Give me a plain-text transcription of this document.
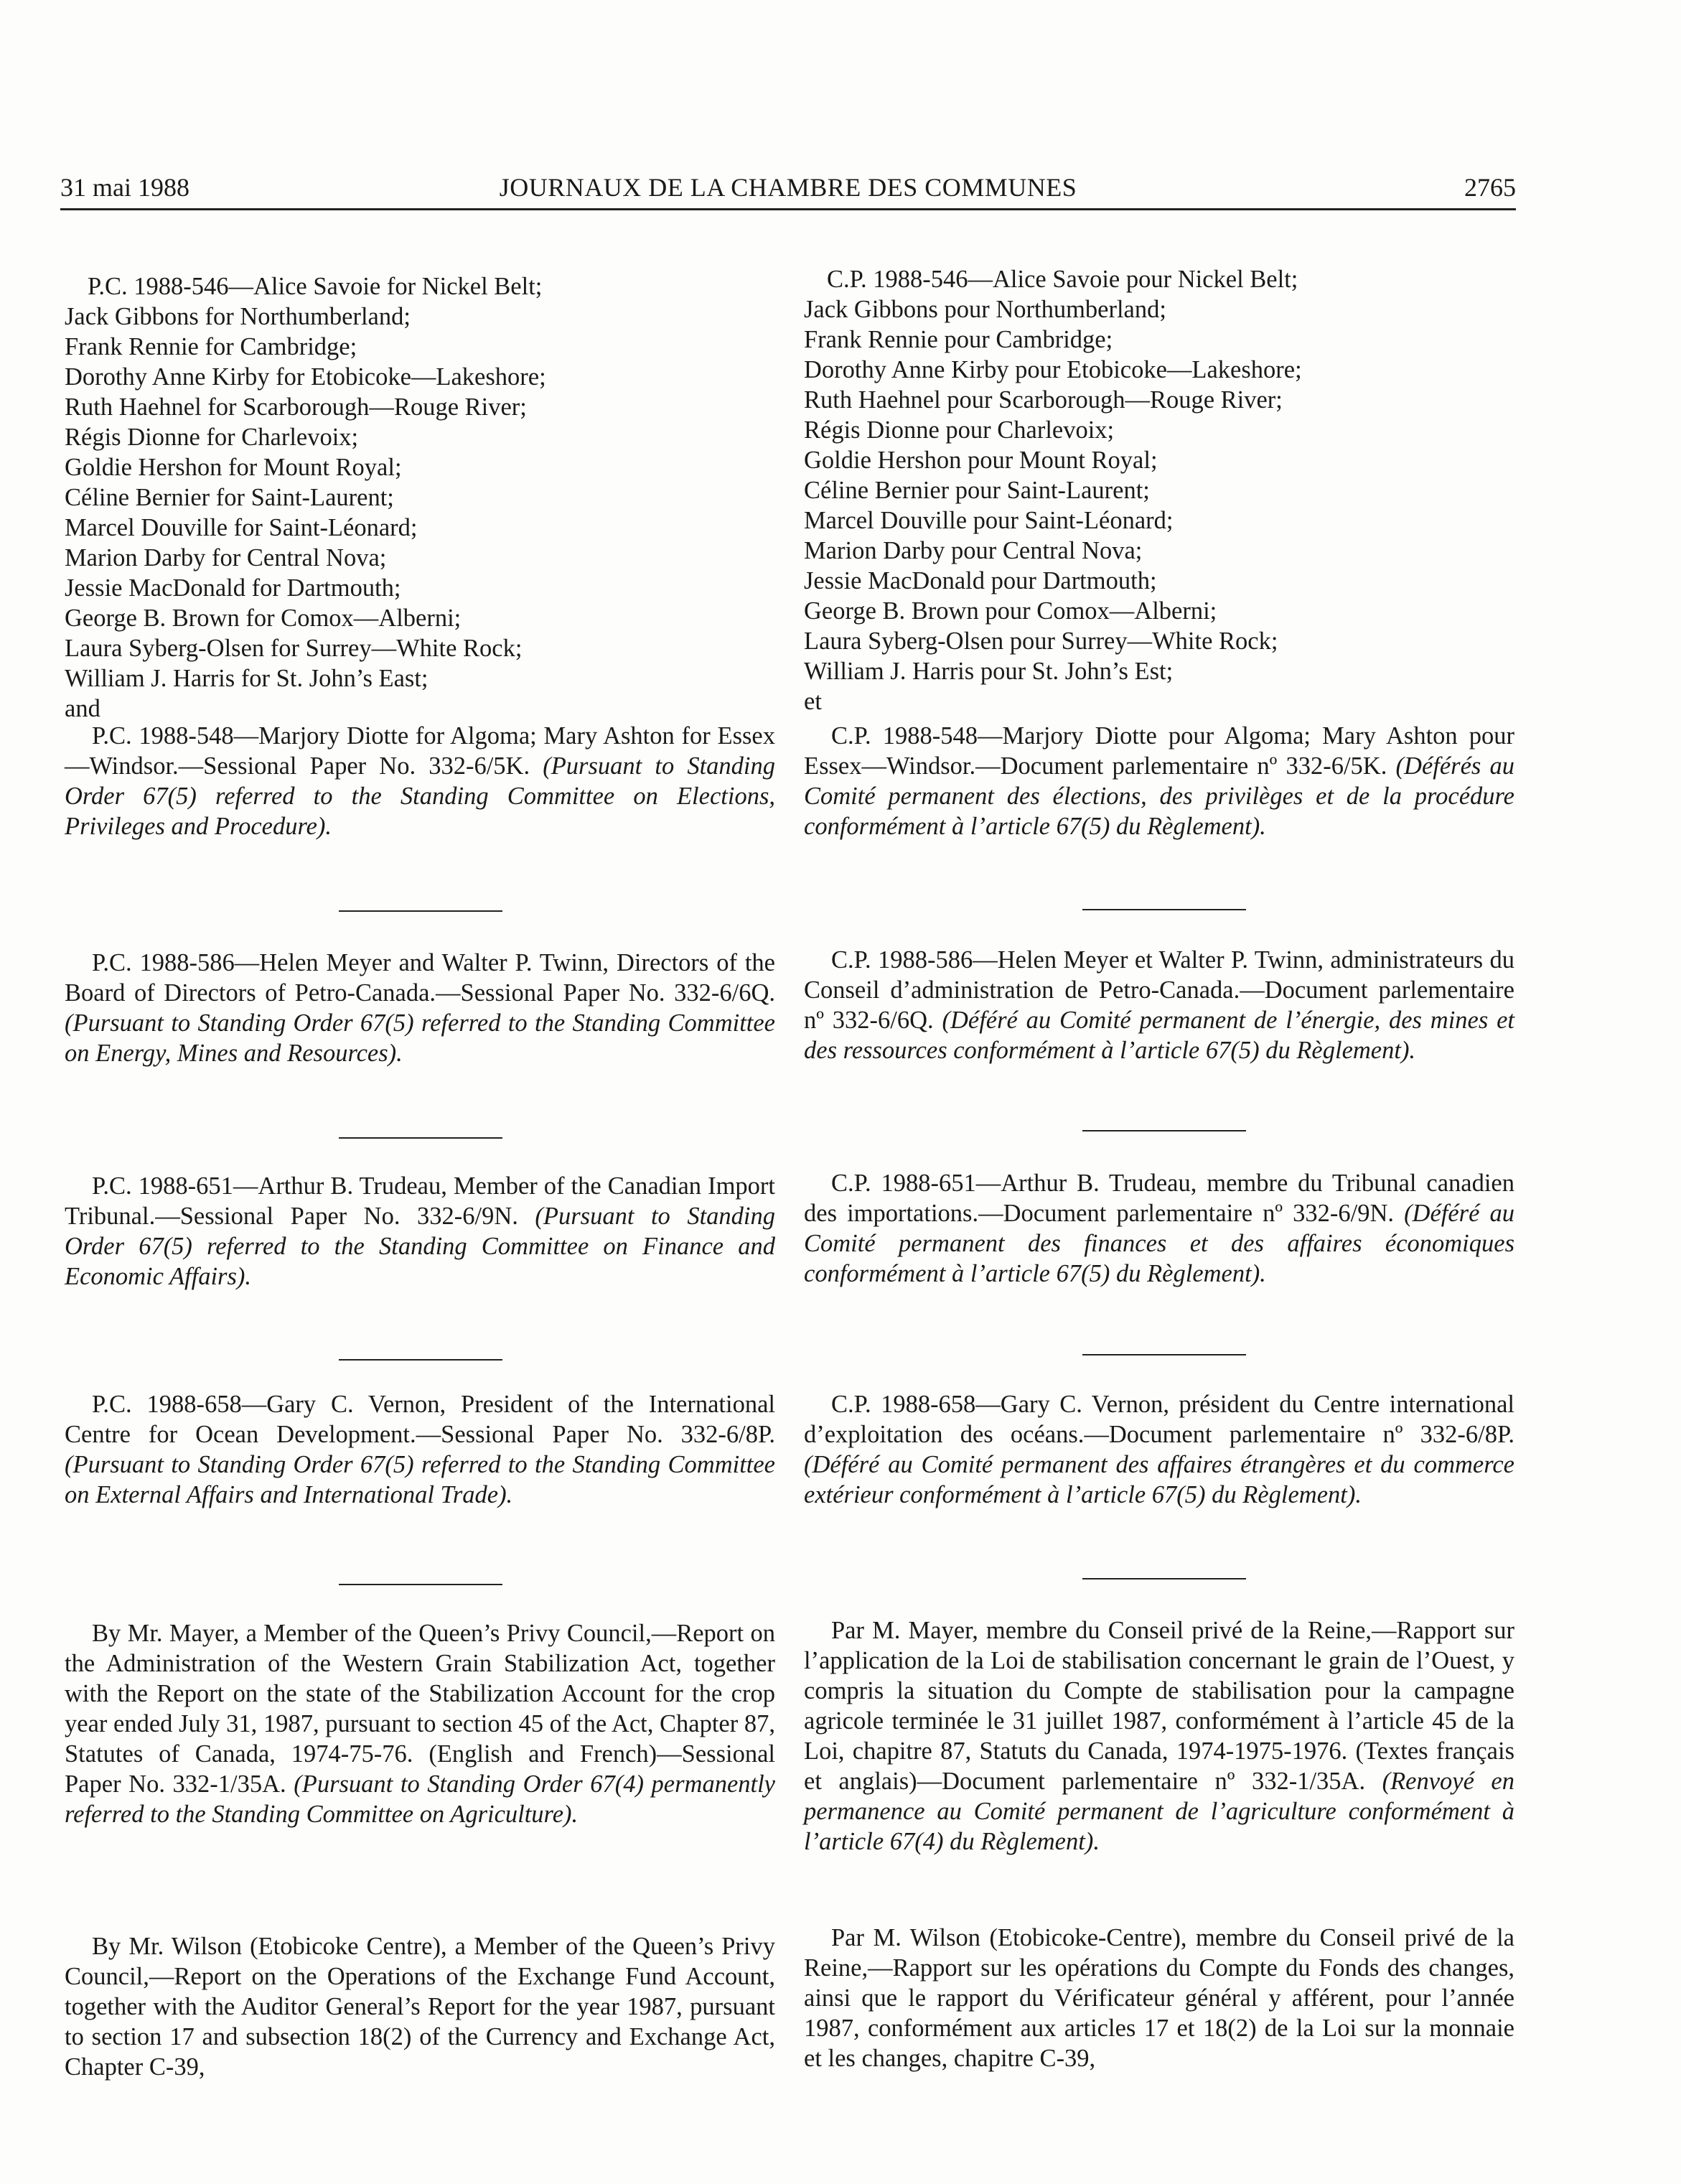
31 mai 1988	JOURNAUX DE LA CHAMBRE DES COMMUNES	2765
P.C. 1988-546—Alice Savoie for Nickel Belt;
Jack Gibbons for Northumberland;
Frank Rennie for Cambridge;
Dorothy Anne Kirby for Etobicoke—Lakeshore;
Ruth Haehnel for Scarborough—Rouge River;
Régis Dionne for Charlevoix;
Goldie Hershon for Mount Royal;
Céline Bernier for Saint-Laurent;
Marcel Douville for Saint-Léonard;
Marion Darby for Central Nova;
Jessie MacDonald for Dartmouth;
George B. Brown for Comox—Alberni;
Laura Syberg-Olsen for Surrey—White Rock;
William J. Harris for St. John’s East;
and

P.C. 1988-548—Marjory Diotte for Algoma; Mary Ashton for Essex—Windsor.—Sessional Paper No. 332-6/5K. (Pursuant to Standing Order 67(5) referred to the Standing Committee on Elections, Privileges and Procedure).

P.C. 1988-586—Helen Meyer and Walter P. Twinn, Directors of the Board of Directors of Petro-Canada.—Sessional Paper No. 332-6/6Q. (Pursuant to Standing Order 67(5) referred to the Standing Committee on Energy, Mines and Resources).

P.C. 1988-651—Arthur B. Trudeau, Member of the Canadian Import Tribunal.—Sessional Paper No. 332-6/9N. (Pursuant to Standing Order 67(5) referred to the Standing Committee on Finance and Economic Affairs).

P.C. 1988-658—Gary C. Vernon, President of the International Centre for Ocean Development.—Sessional Paper No. 332-6/8P. (Pursuant to Standing Order 67(5) referred to the Standing Committee on External Affairs and International Trade).

By Mr. Mayer, a Member of the Queen’s Privy Council,—Report on the Administration of the Western Grain Stabilization Act, together with the Report on the state of the Stabilization Account for the crop year ended July 31, 1987, pursuant to section 45 of the Act, Chapter 87, Statutes of Canada, 1974-75-76. (English and French)—Sessional Paper No. 332-1/35A. (Pursuant to Standing Order 67(4) permanently referred to the Standing Committee on Agriculture).

By Mr. Wilson (Etobicoke Centre), a Member of the Queen’s Privy Council,—Report on the Operations of the Exchange Fund Account, together with the Auditor General’s Report for the year 1987, pursuant to section 17 and subsection 18(2) of the Currency and Exchange Act, Chapter C-39,

C.P. 1988-546—Alice Savoie pour Nickel Belt;
Jack Gibbons pour Northumberland;
Frank Rennie pour Cambridge;
Dorothy Anne Kirby pour Etobicoke—Lakeshore;
Ruth Haehnel pour Scarborough—Rouge River;
Régis Dionne pour Charlevoix;
Goldie Hershon pour Mount Royal;
Céline Bernier pour Saint-Laurent;
Marcel Douville pour Saint-Léonard;
Marion Darby pour Central Nova;
Jessie MacDonald pour Dartmouth;
George B. Brown pour Comox—Alberni;
Laura Syberg-Olsen pour Surrey—White Rock;
William J. Harris pour St. John’s Est;
et

C.P. 1988-548—Marjory Diotte pour Algoma; Mary Ashton pour Essex—Windsor.—Document parlementaire nº 332-6/5K. (Déférés au Comité permanent des élections, des privilèges et de la procédure conformément à l’article 67(5) du Règlement).

C.P. 1988-586—Helen Meyer et Walter P. Twinn, administrateurs du Conseil d’administration de Petro-Canada.—Document parlementaire nº 332-6/6Q. (Déféré au Comité permanent de l’énergie, des mines et des ressources conformément à l’article 67(5) du Règlement).

C.P. 1988-651—Arthur B. Trudeau, membre du Tribunal canadien des importations.—Document parlementaire nº 332-6/9N. (Déféré au Comité permanent des finances et des affaires économiques conformément à l’article 67(5) du Règlement).

C.P. 1988-658—Gary C. Vernon, président du Centre international d’exploitation des océans.—Document parlementaire nº 332-6/8P. (Déféré au Comité permanent des affaires étrangères et du commerce extérieur conformément à l’article 67(5) du Règlement).

Par M. Mayer, membre du Conseil privé de la Reine,—Rapport sur l’application de la Loi de stabilisation concernant le grain de l’Ouest, y compris la situation du Compte de stabilisation pour la campagne agricole terminée le 31 juillet 1987, conformément à l’article 45 de la Loi, chapitre 87, Statuts du Canada, 1974-1975-1976. (Textes français et anglais)—Document parlementaire nº 332-1/35A. (Renvoyé en permanence au Comité permanent de l’agriculture conformément à l’article 67(4) du Règlement).

Par M. Wilson (Etobicoke-Centre), membre du Conseil privé de la Reine,—Rapport sur les opérations du Compte du Fonds des changes, ainsi que le rapport du Vérificateur général y afférent, pour l’année 1987, conformément aux articles 17 et 18(2) de la Loi sur la monnaie et les changes, chapitre C-39,
